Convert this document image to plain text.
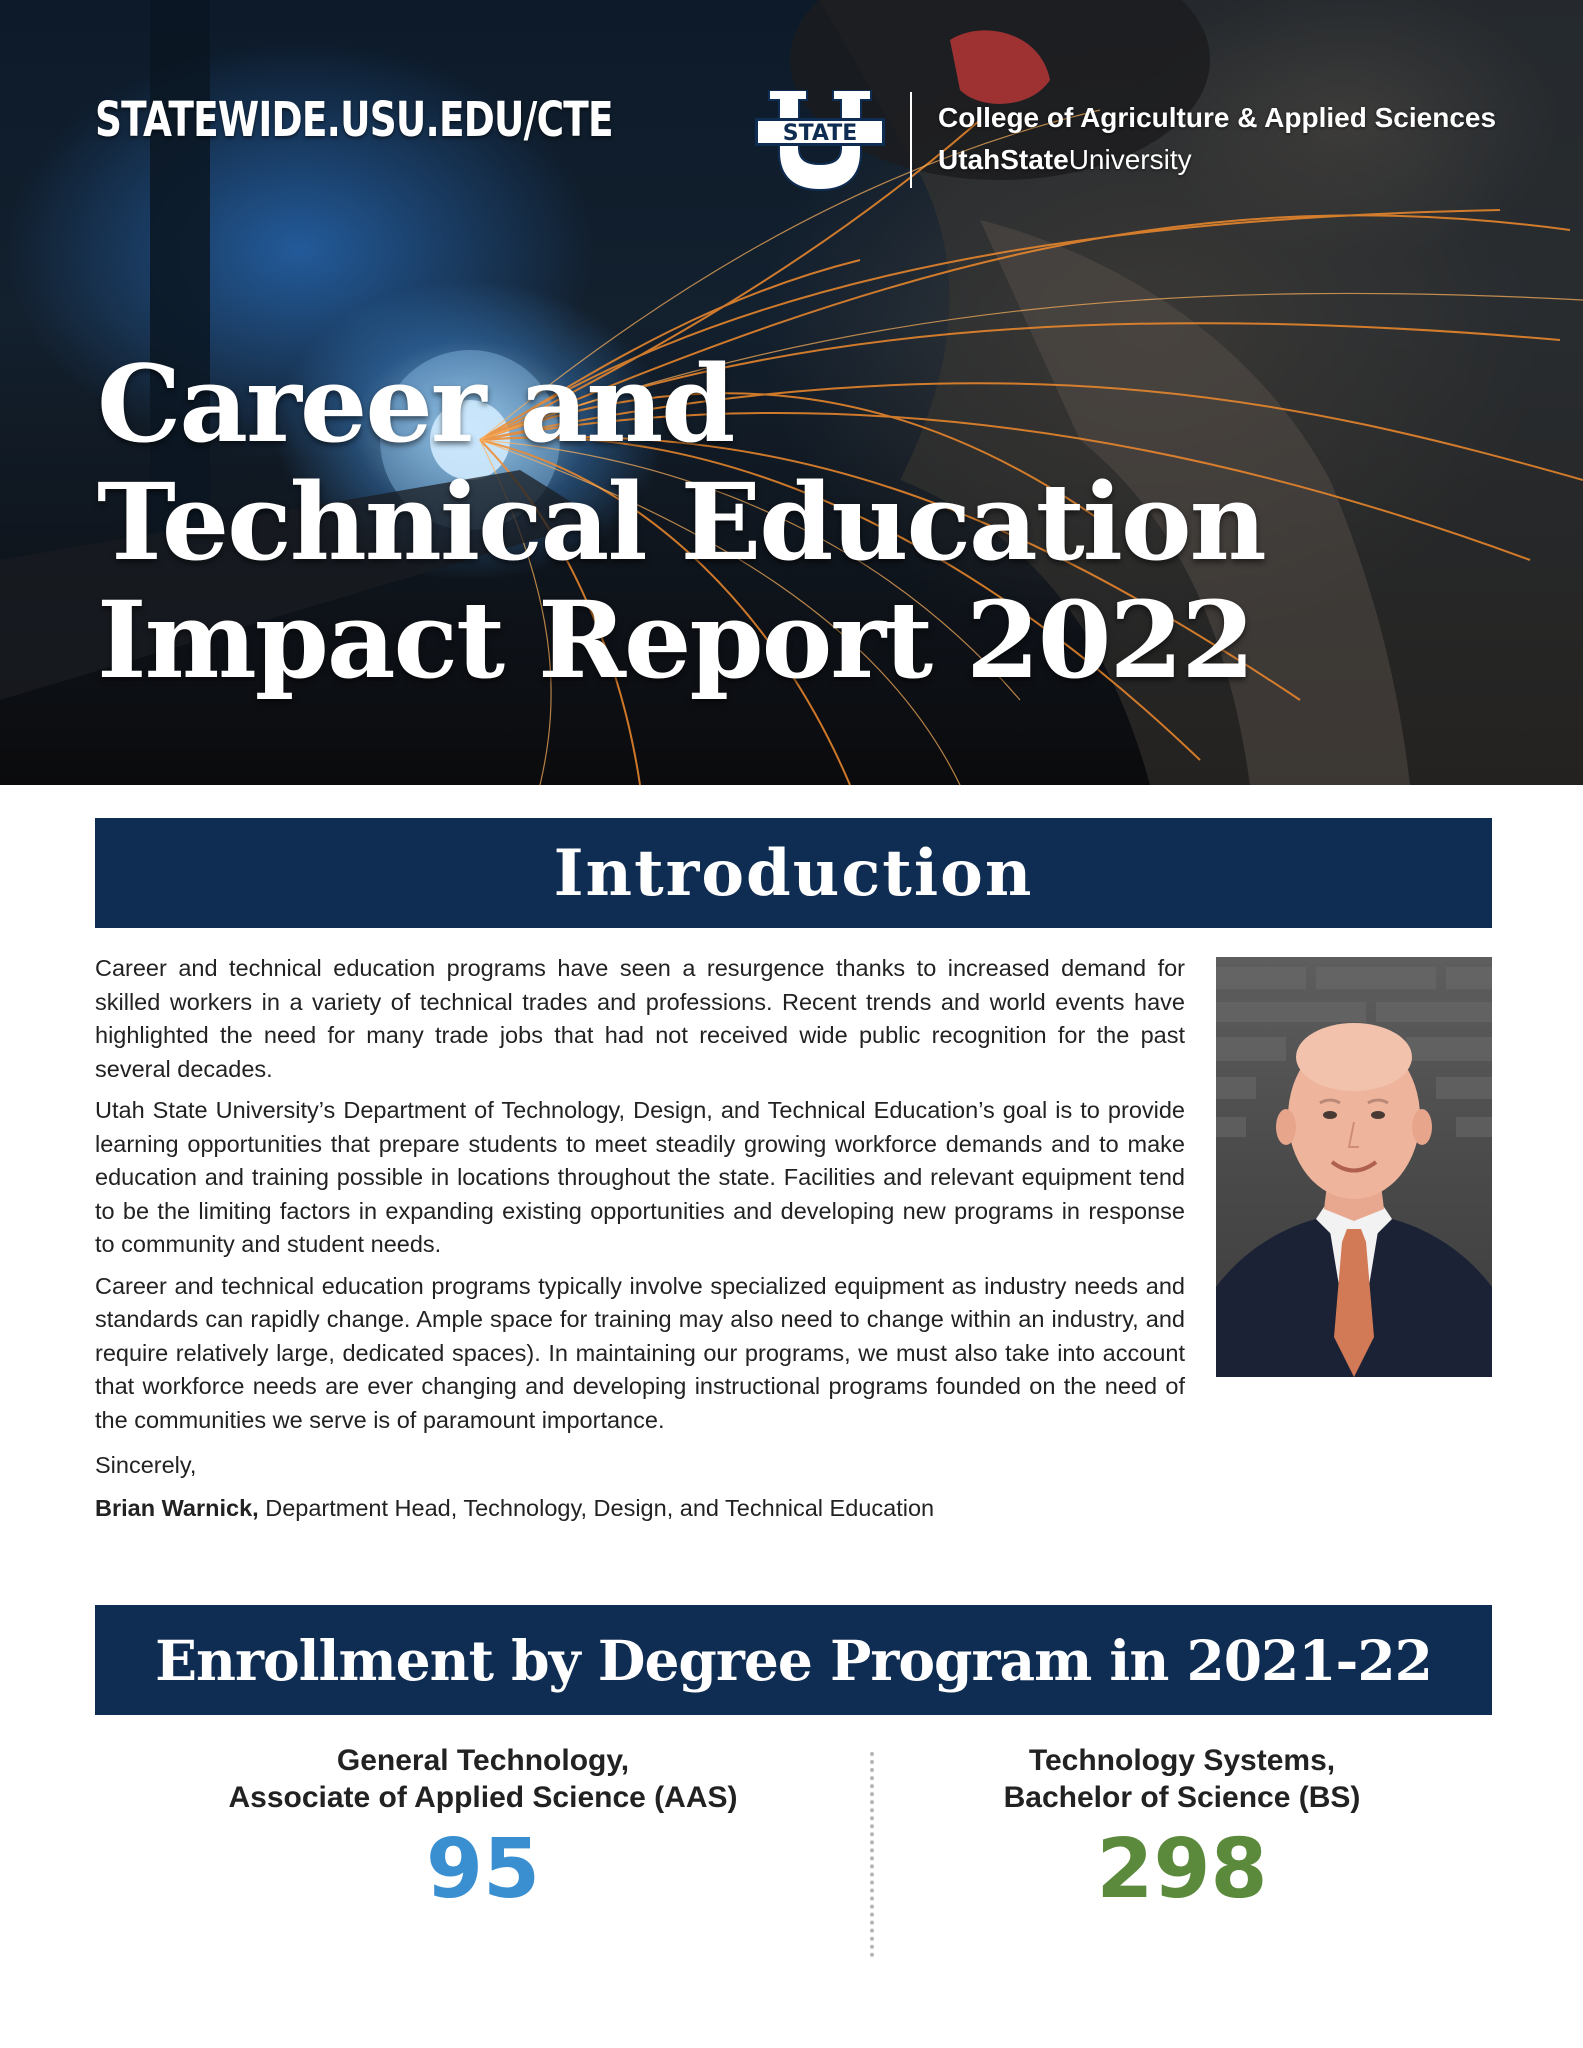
STATEWIDE.USU.EDU/CTE	STATE
College of Agriculture & Applied Sciences
UtahStateUniversity
Career and
Technical Education
Impact Report 2022
Introduction

Career and technical education programs have seen a resurgence thanks to increased demand for skilled workers in a variety of technical trades and professions. Recent trends and world events have highlighted the need for many trade jobs that had not received wide public recognition for the past several decades.

Utah State University’s Department of Technology, Design, and Technical Education’s goal is to provide learning opportunities that prepare students to meet steadily growing workforce demands and to make education and training possible in locations throughout the state. Facilities and relevant equipment tend to be the limiting factors in expanding existing opportunities and developing new programs in response to community and student needs.

Career and technical education programs typically involve specialized equipment as industry needs and standards can rapidly change. Ample space for training may also need to change within an industry, and require relatively large, dedicated spaces). In maintaining our programs, we must also take into account that workforce needs are ever changing and developing instructional programs founded on the need of the communities we serve is of paramount importance.

Sincerely,
Brian Warnick, Department Head, Technology, Design, and Technical Education
Enrollment by Degree Program in 2021-22
General Technology,
Associate of Applied Science (AAS)
95
Technology Systems,
Bachelor of Science (BS)
298
